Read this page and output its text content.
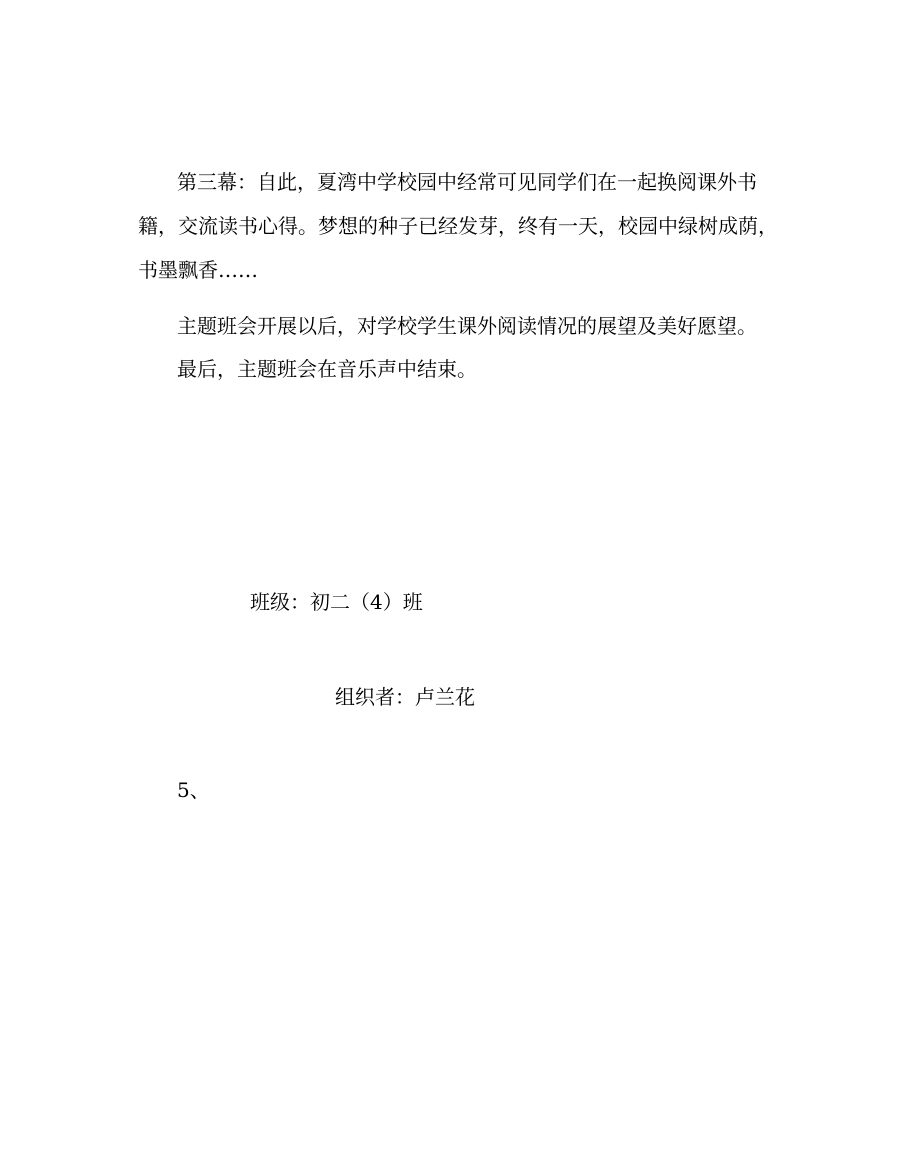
第三幕：自此，夏湾中学校园中经常可见同学们在一起换阅课外书
籍，交流读书心得。梦想的种子已经发芽，终有一天，校园中绿树成荫，
书墨飘香……

主题班会开展以后，对学校学生课外阅读情况的展望及美好愿望。

最后，主题班会在音乐声中结束。

班级：初二（4）班

组织者：卢兰花

5、
